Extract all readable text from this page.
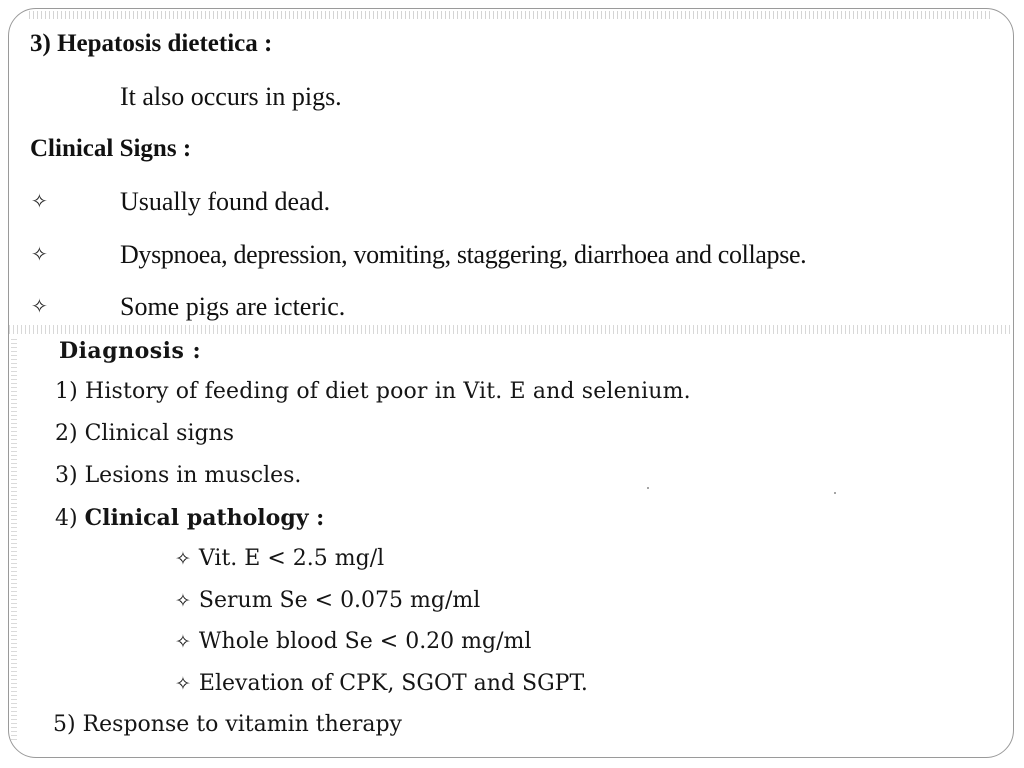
3) Hepatosis dietetica :
It also occurs in pigs.
Clinical Signs :
✧	Usually found dead.
✧	Dyspnoea, depression, vomiting, staggering, diarrhoea and collapse.
✧	Some pigs are icteric.
Diagnosis :
1) History of feeding of diet poor in Vit. E and selenium.
2) Clinical signs
3) Lesions in muscles.
4) Clinical pathology :
✧ Vit. E < 2.5 mg/l
✧ Serum Se < 0.075 mg/ml
✧ Whole blood Se < 0.20 mg/ml
✧ Elevation of CPK, SGOT and SGPT.
5) Response to vitamin therapy
